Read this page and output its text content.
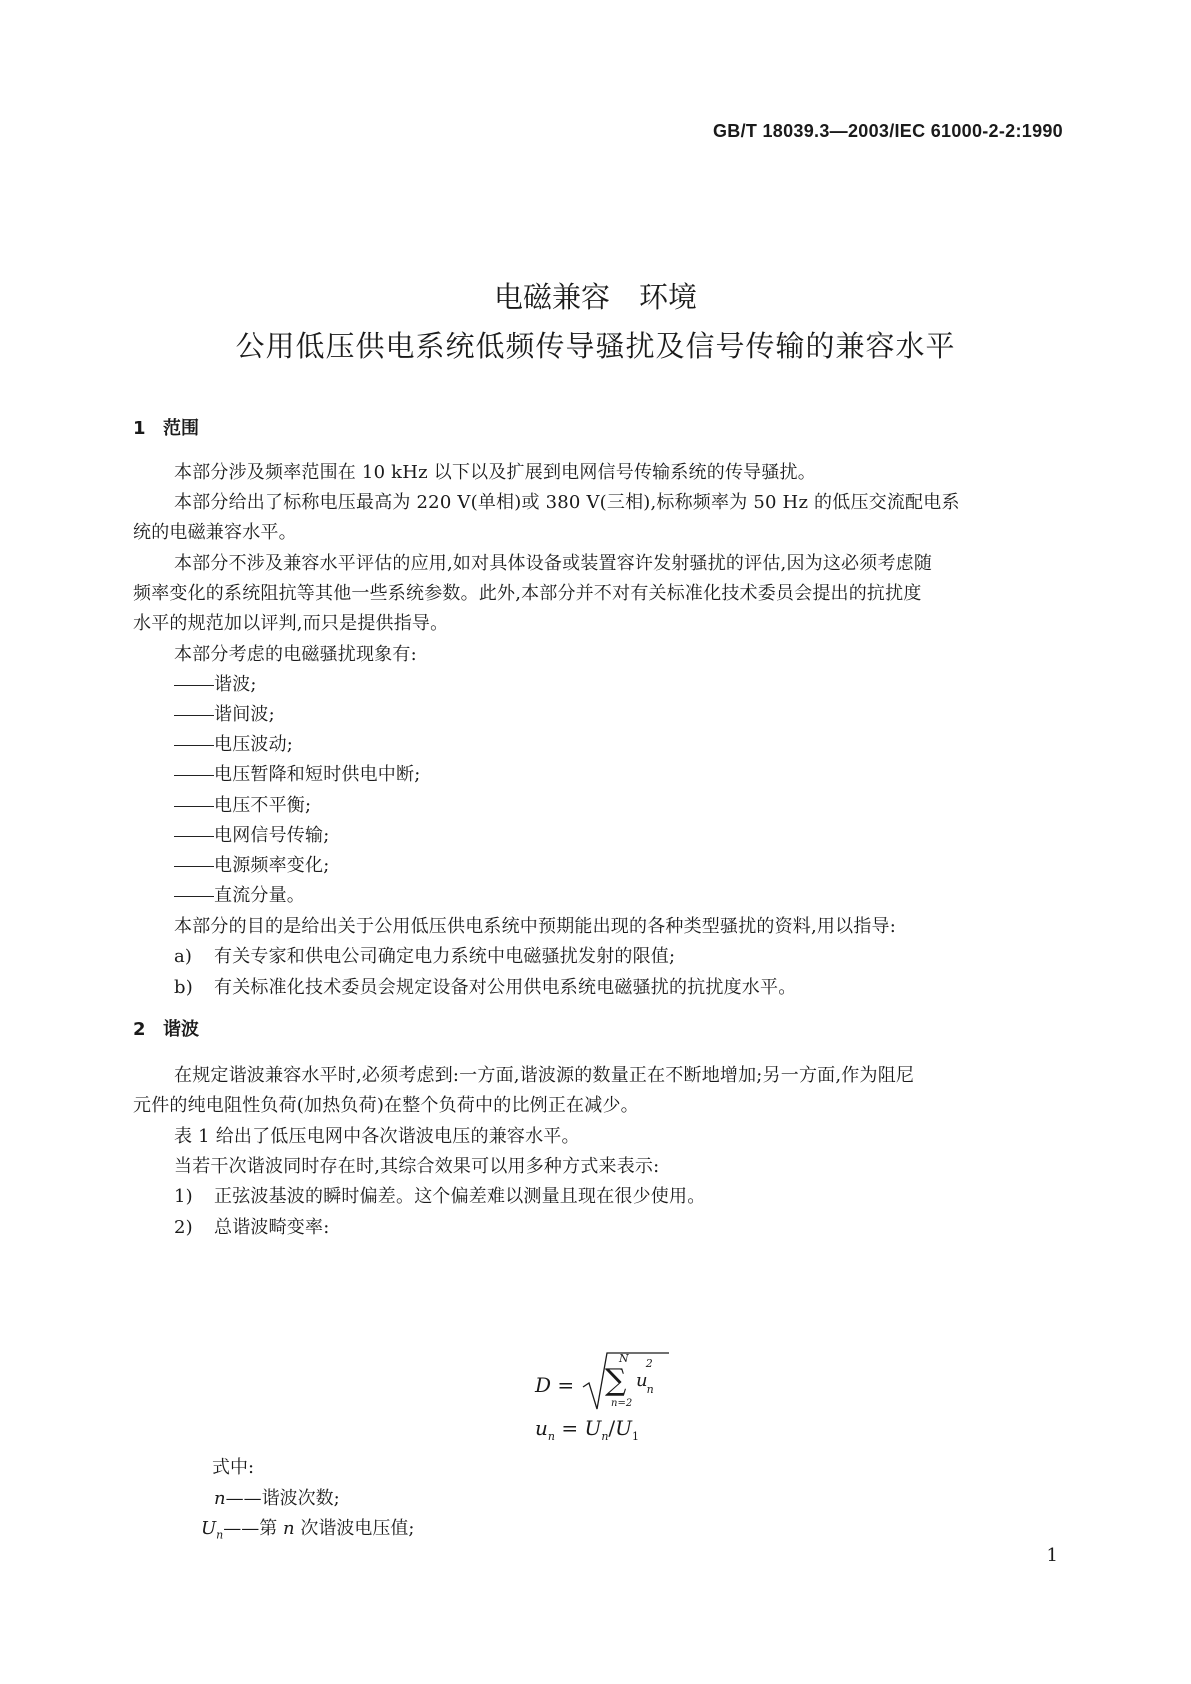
GB/T 18039.3—2003/IEC 61000-2-2:1990
电磁兼容　环境
公用低压供电系统低频传导骚扰及信号传输的兼容水平
1 范围
本部分涉及频率范围在 10 kHz 以下以及扩展到电网信号传输系统的传导骚扰。
本部分给出了标称电压最高为 220 V(单相)或 380 V(三相),标称频率为 50 Hz 的低压交流配电系
统的电磁兼容水平。
本部分不涉及兼容水平评估的应用,如对具体设备或装置容许发射骚扰的评估,因为这必须考虑随
频率变化的系统阻抗等其他一些系统参数。此外,本部分并不对有关标准化技术委员会提出的抗扰度
水平的规范加以评判,而只是提供指导。
本部分考虑的电磁骚扰现象有:
谐波;
谐间波;
电压波动;
电压暂降和短时供电中断;
电压不平衡;
电网信号传输;
电源频率变化;
直流分量。
本部分的目的是给出关于公用低压供电系统中预期能出现的各种类型骚扰的资料,用以指导:
a) 有关专家和供电公司确定电力系统中电磁骚扰发射的限值;
b) 有关标准化技术委员会规定设备对公用供电系统电磁骚扰的抗扰度水平。
2 谐波
在规定谐波兼容水平时,必须考虑到:一方面,谐波源的数量正在不断地增加;另一方面,作为阻尼
元件的纯电阻性负荷(加热负荷)在整个负荷中的比例正在减少。
表 1 给出了低压电网中各次谐波电压的兼容水平。
当若干次谐波同时存在时,其综合效果可以用多种方式来表示:
1) 正弦波基波的瞬时偏差。这个偏差难以测量且现在很少使用。
2) 总谐波畸变率:
D =
N
∑
n=2
$u_n^2$
$u_n = U_n/U_1$
式中:
n——谐波次数;
$U_n——$第 n 次谐波电压值;
1
